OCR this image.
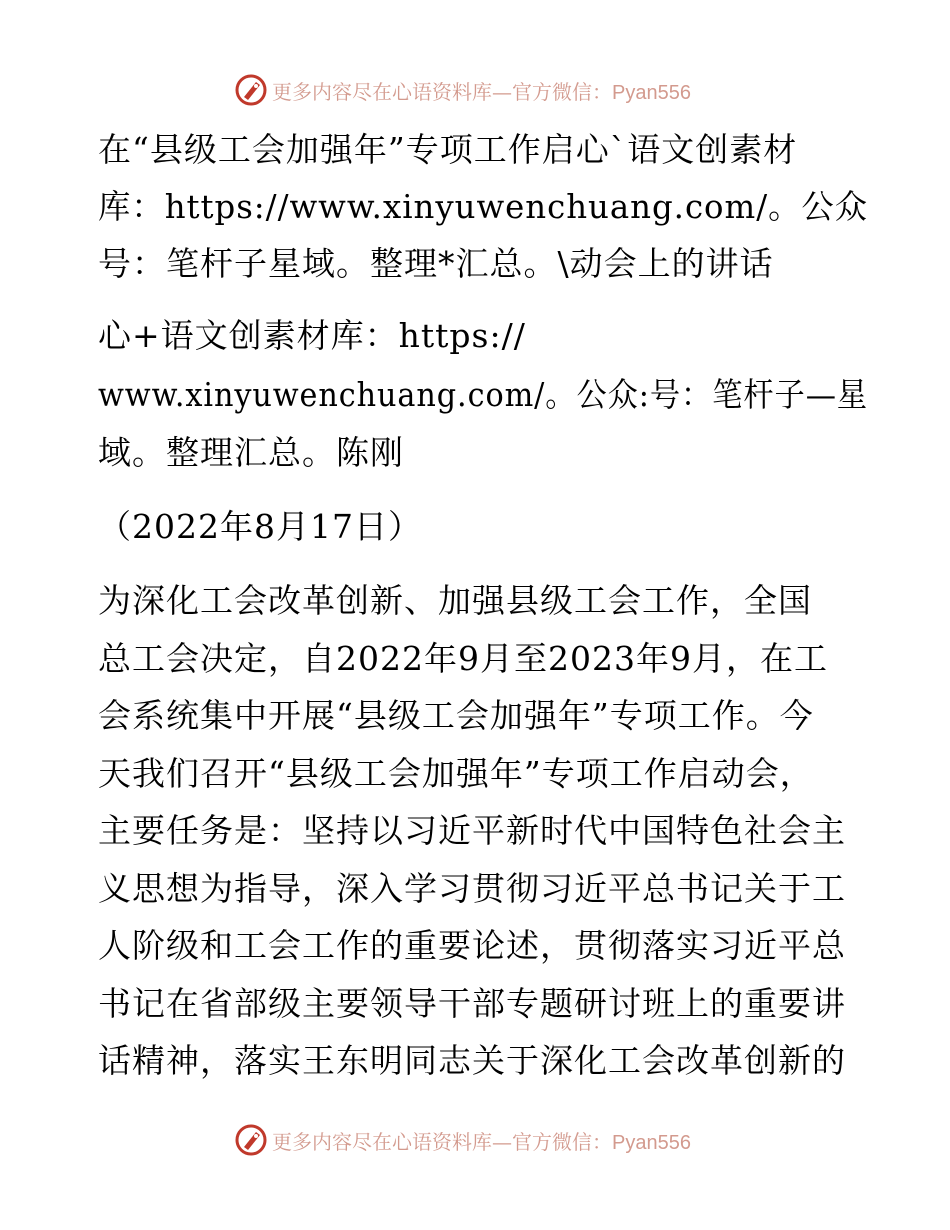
更多内容尽在心语资料库—官方微信：Pyan556
在“县级工会加强年”专项工作启心`语文创素材
库：https://www.xinyuwenchuang.com/。公众
号：笔杆子星域。整理*汇总。\动会上的讲话
心+语文创素材库：https://
www.xinyuwenchuang.com/。公众:号：笔杆子—星
域。整理汇总。陈刚
（2022年8月17日）
为深化工会改革创新、加强县级工会工作，全国
总工会决定，自2022年9月至2023年9月，在工
会系统集中开展“县级工会加强年”专项工作。今
天我们召开“县级工会加强年”专项工作启动会，
主要任务是：坚持以习近平新时代中国特色社会主
义思想为指导，深入学习贯彻习近平总书记关于工
人阶级和工会工作的重要论述，贯彻落实习近平总
书记在省部级主要领导干部专题研讨班上的重要讲
话精神，落实王东明同志关于深化工会改革创新的
更多内容尽在心语资料库—官方微信：Pyan556
